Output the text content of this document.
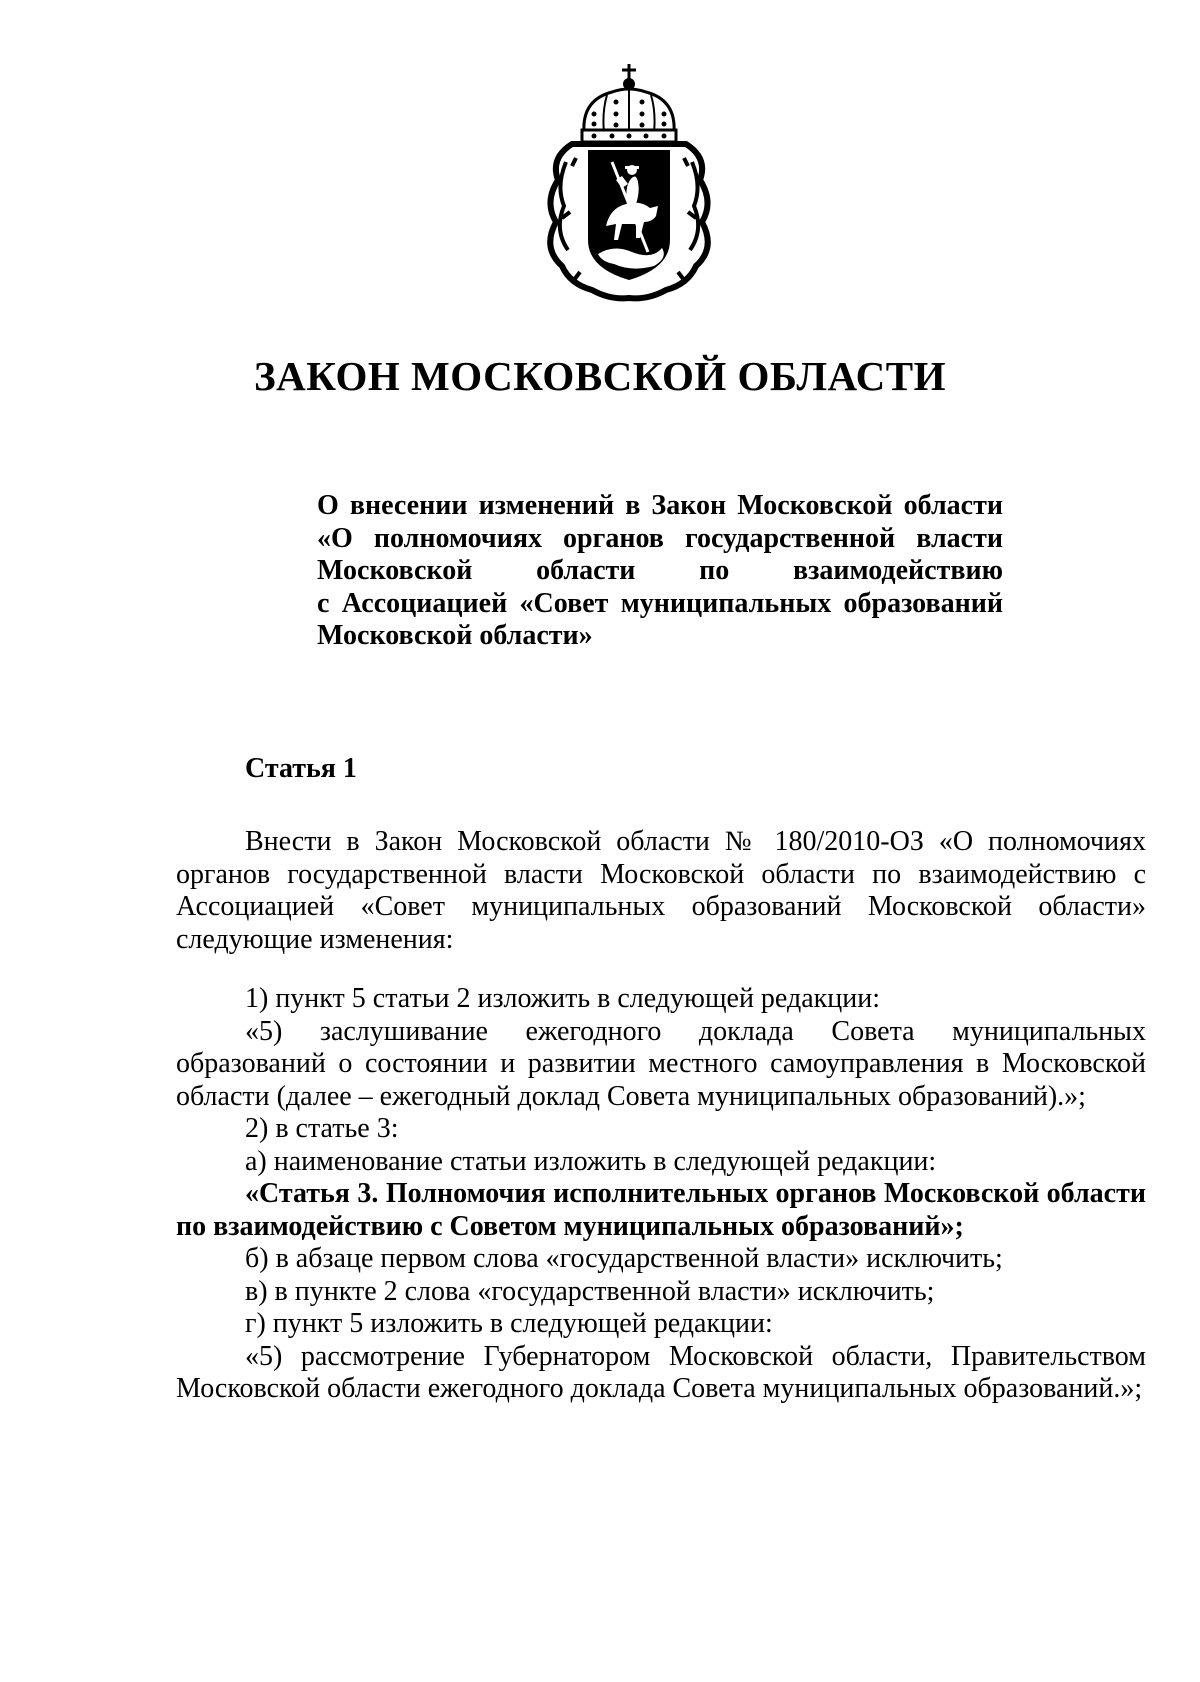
ЗАКОН МОСКОВСКОЙ ОБЛАСТИ
О внесении изменений в Закон Московской области
«О полномочиях органов государственной власти
Московской области по взаимодействию
с Ассоциацией «Совет муниципальных образований
Московской области»
Статья 1

Внести в Закон Московской области № 180/2010-ОЗ «О полномочиях органов государственной власти Московской области по взаимодействию с Ассоциацией «Совет муниципальных образований Московской области» следующие изменения:

1) пункт 5 статьи 2 изложить в следующей редакции:

«5) заслушивание ежегодного доклада Совета муниципальных образований о состоянии и развитии местного самоуправления в Московской области (далее – ежегодный доклад Совета муниципальных образований).»;

2) в статье 3:

а) наименование статьи изложить в следующей редакции:

«Статья 3. Полномочия исполнительных органов Московской области по взаимодействию с Советом муниципальных образований»;

б) в абзаце первом слова «государственной власти» исключить;

в) в пункте 2 слова «государственной власти» исключить;

г) пункт 5 изложить в следующей редакции:

«5) рассмотрение Губернатором Московской области, Правительством Московской области ежегодного доклада Совета муниципальных образований.»;
